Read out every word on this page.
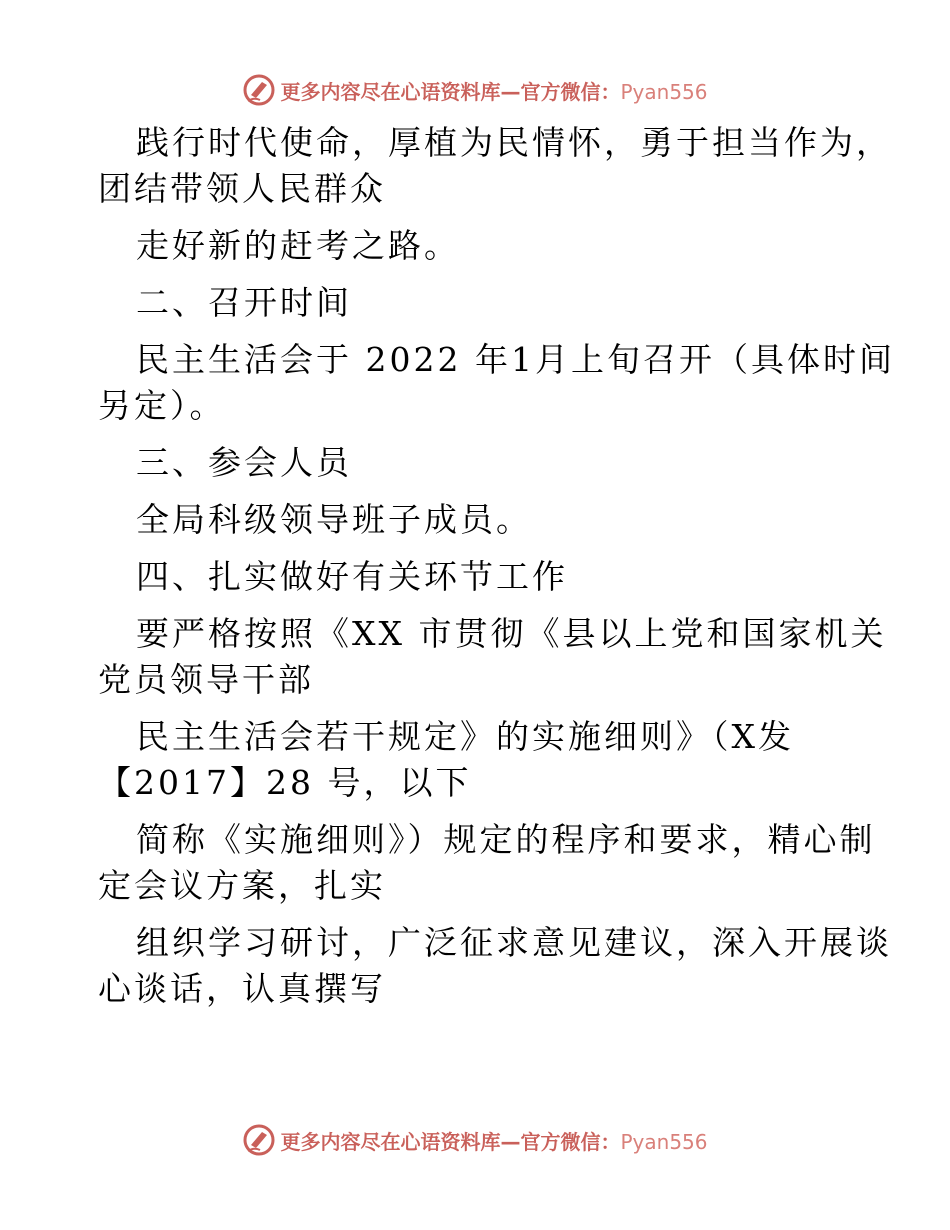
更多内容尽在心语资料库—官方微信：Pyan556
践行时代使命，厚植为民情怀，勇于担当作为，
团结带领人民群众
走好新的赶考之路。
二、召开时间
民主生活会于 2022 年1月上旬召开（具体时间
另定）。
三、参会人员
全局科级领导班子成员。
四、扎实做好有关环节工作
要严格按照《XX 市贯彻《县以上党和国家机关
党员领导干部
民主生活会若干规定》的实施细则》（X发
【2017】28 号，以下
简称《实施细则》）规定的程序和要求，精心制
定会议方案，扎实
组织学习研讨，广泛征求意见建议，深入开展谈
心谈话，认真撰写
更多内容尽在心语资料库—官方微信：Pyan556
